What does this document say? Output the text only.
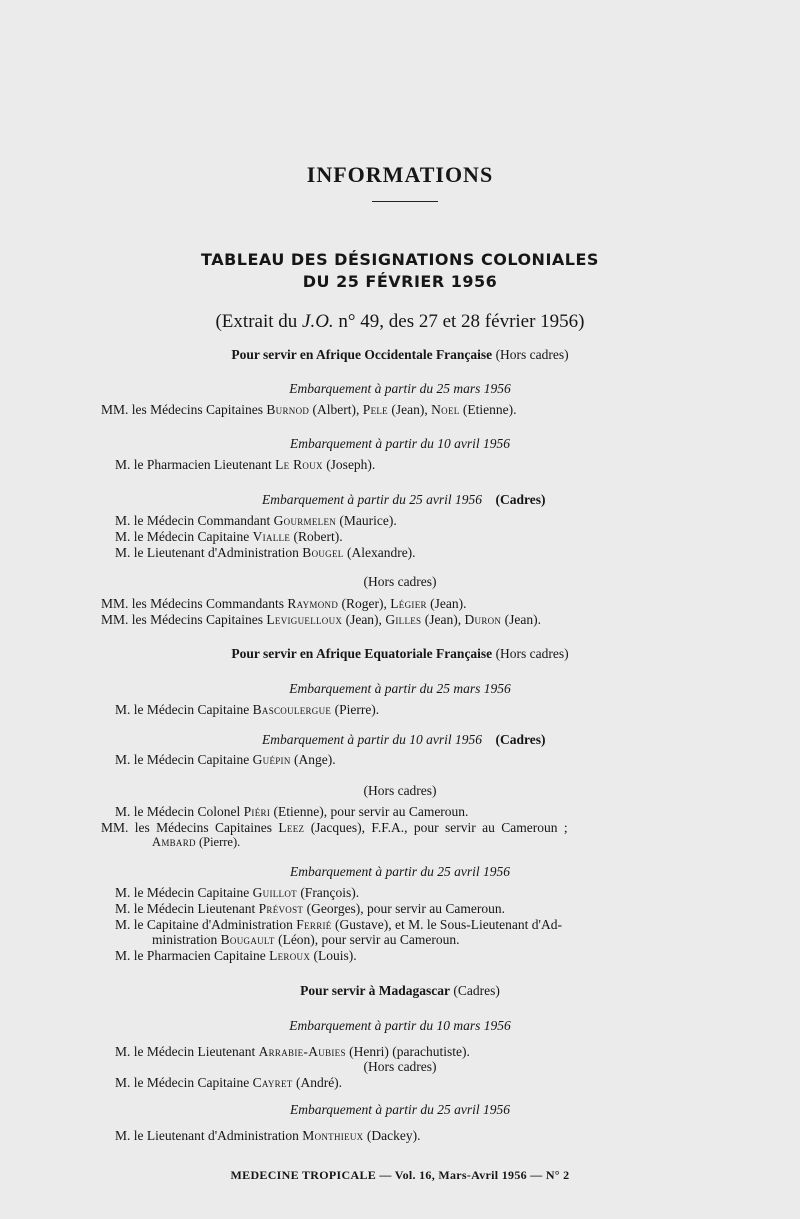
INFORMATIONS
TABLEAU DES DÉSIGNATIONS COLONIALES
DU 25 FÉVRIER 1956
(Extrait du J.O. n° 49, des 27 et 28 février 1956)
Pour servir en Afrique Occidentale Française (Hors cadres)
Embarquement à partir du 25 mars 1956
MM. les Médecins Capitaines Burnod (Albert), Pele (Jean), Noel (Etienne).
Embarquement à partir du 10 avril 1956
M. le Pharmacien Lieutenant Le Roux (Joseph).
Embarquement à partir du 25 avril 1956 (Cadres)
M. le Médecin Commandant Gourmelen (Maurice).
M. le Médecin Capitaine Vialle (Robert).
M. le Lieutenant d'Administration Bougel (Alexandre).
(Hors cadres)
MM. les Médecins Commandants Raymond (Roger), Légier (Jean).
MM. les Médecins Capitaines Leviguelloux (Jean), Gilles (Jean), Duron (Jean).
Pour servir en Afrique Equatoriale Française (Hors cadres)
Embarquement à partir du 25 mars 1956
M. le Médecin Capitaine Bascoulergue (Pierre).
Embarquement à partir du 10 avril 1956 (Cadres)
M. le Médecin Capitaine Guépin (Ange).
(Hors cadres)
M. le Médecin Colonel Piéri (Etienne), pour servir au Cameroun.
MM. les Médecins Capitaines Leez (Jacques), F.F.A., pour servir au Cameroun ;
Ambard (Pierre).
Embarquement à partir du 25 avril 1956
M. le Médecin Capitaine Guillot (François).
M. le Médecin Lieutenant Prévost (Georges), pour servir au Cameroun.
M. le Capitaine d'Administration Ferrié (Gustave), et M. le Sous-Lieutenant d'Ad-
ministration Bougault (Léon), pour servir au Cameroun.
M. le Pharmacien Capitaine Leroux (Louis).
Pour servir à Madagascar (Cadres)
Embarquement à partir du 10 mars 1956
M. le Médecin Lieutenant Arrabie-Aubies (Henri) (parachutiste).
(Hors cadres)
M. le Médecin Capitaine Cayret (André).
Embarquement à partir du 25 avril 1956
M. le Lieutenant d'Administration Monthieux (Dackey).
MEDECINE TROPICALE — Vol. 16, Mars-Avril 1956 — N° 2
